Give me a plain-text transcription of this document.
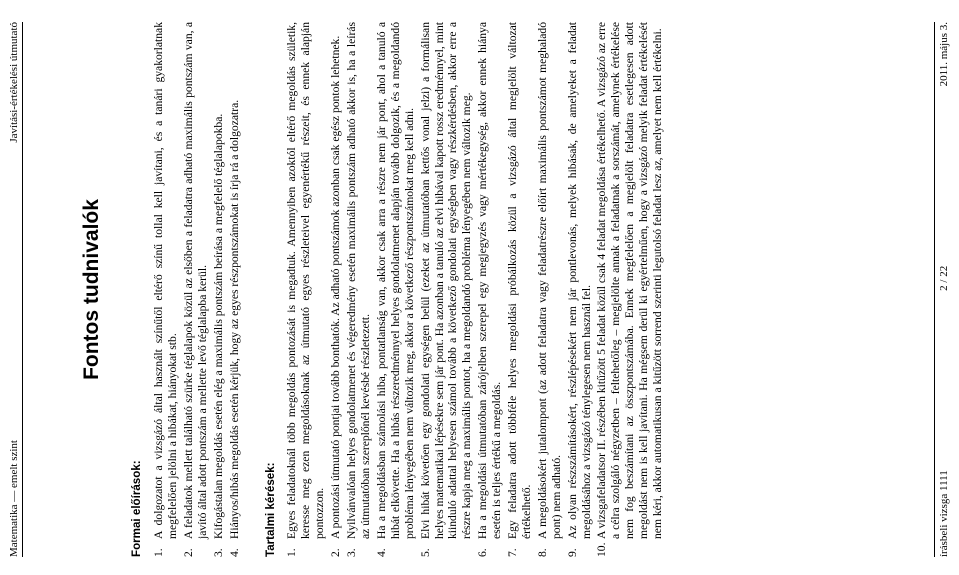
Matematika — emelt szint
Javítási-értékelési útmutató
Fontos tudnivalók
Formai előírások: 1.
A dolgozatot a vizsgázó által használt színűtől eltérő színű tollal kell javítani, és a tanári gyakorlatnak megfelelően jelölni a hibákat, hiányokat stb.
2.
A feladatok mellett található szürke téglalapok közül az elsőben a feladatra adható maximális pontszám van, a javító által adott pontszám a mellette levő téglalapba kerül.
3.
Kifogástalan megoldás esetén elég a maximális pontszám beírása a megfelelő téglalapokba.
4.
Hiányos/hibás megoldás esetén kérjük, hogy az egyes részpontszámokat is írja rá a dolgozatra. Tartalmi kérések: 1.
Egyes feladatoknál több megoldás pontozását is megadtuk. Amennyiben azoktól eltérő megoldás születik, keresse meg ezen megoldásoknak az útmutató egyes részleteivel egyenértékű részeit, és ennek alapján pontozzon.
2.
A pontozási útmutató pontjai tovább bonthatók. Az adható pontszámok azonban csak egész pontok lehetnek.
3.
Nyilvánvalóan helyes gondolatmenet és végeredmény esetén maximális pontszám adható akkor is, ha a leírás az útmutatóban szereplőnél kevésbé részletezett.
4.
Ha a megoldásban számolási hiba, pontatlanság van, akkor csak arra a részre nem jár pont, ahol a tanuló a hibát elkövette. Ha a hibás részeredménnyel helyes gondolatmenet alapján tovább dolgozik, és a megoldandó probléma lényegében nem változik meg, akkor a következő részpontszámokat meg kell adni.
5.
Elvi hibát követően egy gondolati egységen belül (ezeket az útmutatóban kettős vonal jelzi) a formálisan helyes matematikai lépésekre sem jár pont. Ha azonban a tanuló az elvi hibával kapott rossz eredménnyel, mint kiinduló adattal helyesen számol tovább a következő gondolati egységben vagy részkérdésben, akkor erre a részre kapja meg a maximális pontot, ha a megoldandó probléma lényegében nem változik meg.
6.
Ha a megoldási útmutatóban zárójelben szerepel egy megjegyzés vagy mértékegység, akkor ennek hiánya esetén is teljes értékű a megoldás.
7.
Egy feladatra adott többféle helyes megoldási próbálkozás közül a vizsgázó által megjelölt változat értékelhető.
8.
A megoldásokért jutalompont (az adott feladatra vagy feladatrészre előírt maximális pontszámot meghaladó pont) nem adható.
9.
Az olyan részszámításokért, részlépésekért nem jár pontlevonás, melyek hibásak, de amelyeket a feladat megoldásához a vizsgázó ténylegesen nem használ fel.
10.
A vizsgafeladatsor II. részében kitűzött 5 feladat közül csak 4 feladat megoldása értékelhető. A vizsgázó az erre a célra szolgáló négyzetben – feltehetőleg – megjelölte annak a feladatnak a sorszámát, amelynek értékelése nem fog beszámítani az összpontszámába. Ennek megfelelően a megjelölt feladatra esetlegesen adott megoldást nem is kell javítani. Ha mégsem derül ki egyértelműen, hogy a vizsgázó melyik feladat értékelését nem kéri, akkor automatikusan a kitűzött sorrend szerinti legutolsó feladat lesz az, amelyet nem kell értékelni.	írásbeli vizsga 1111
2 / 22
2011. május 3.
